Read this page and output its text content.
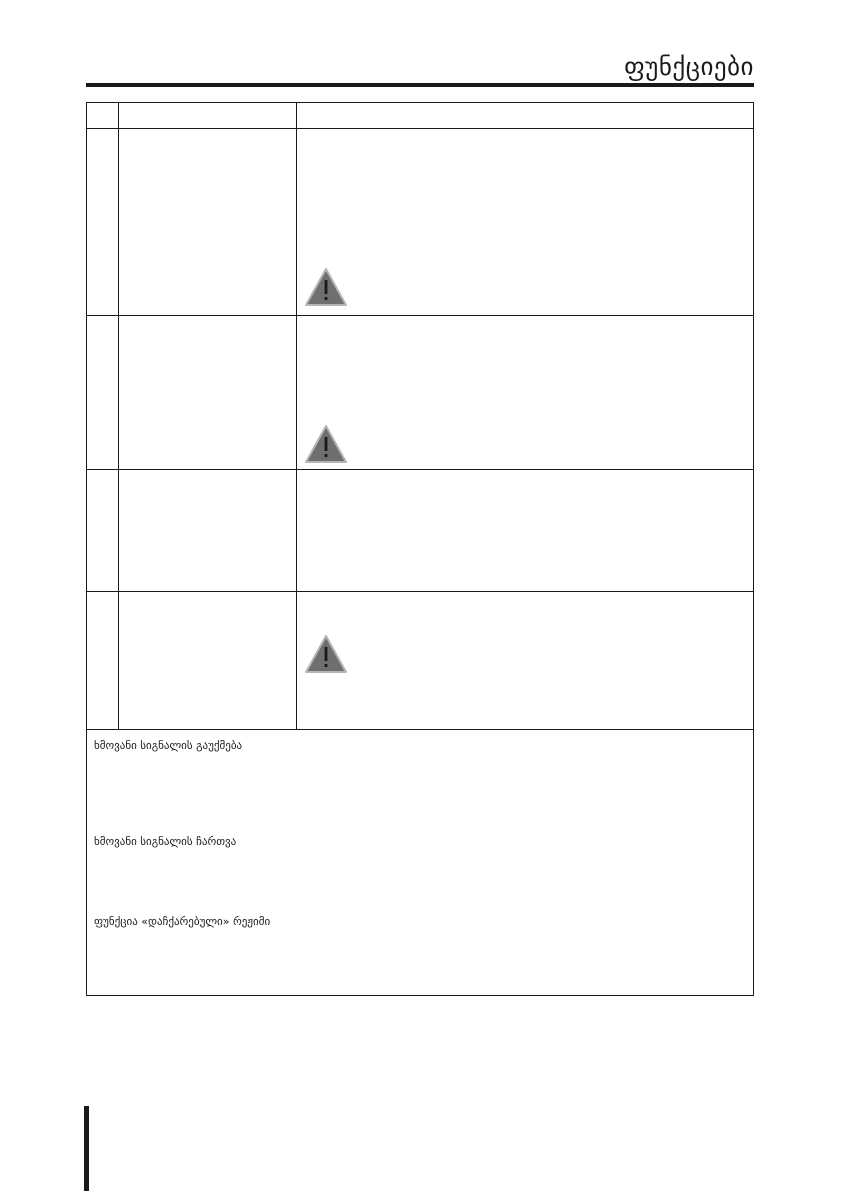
ფუნქციები
ხმოვანი სიგნალის გაუქმება
ხმოვანი სიგნალის ჩართვა
ფუნქცია «დაჩქარებული» რეჟიმი
